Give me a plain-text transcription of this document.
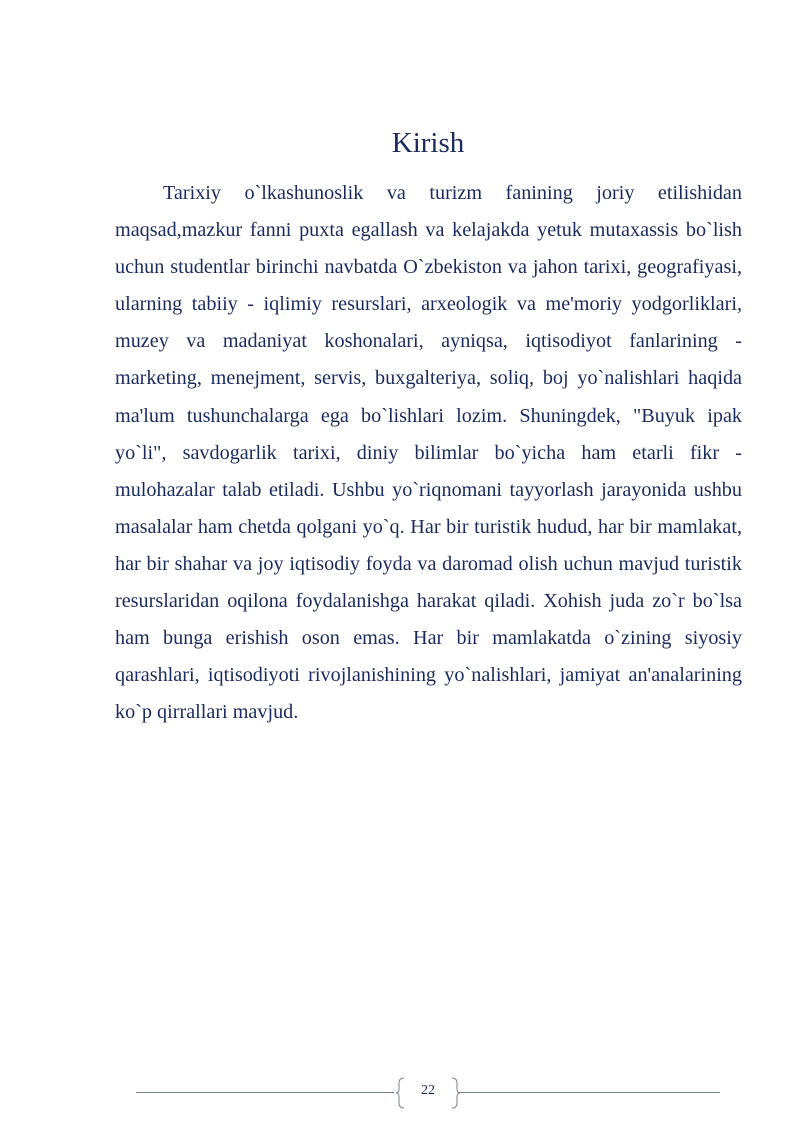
Kirish

Tarixiy o`lkashunoslik va turizm fanining joriy etilishidan maqsad,mazkur fanni puxta egallash va kelajakda yetuk mutaxassis bo`lish uchun studentlar birinchi navbatda O`zbekiston va jahon tarixi, geografiyasi, ularning tabiiy - iqlimiy resurslari, arxeologik va me'moriy yodgorliklari, muzey va madaniyat koshonalari, ayniqsa, iqtisodiyot fanlarining - marketing, menejment, servis, buxgalteriya, soliq, boj yo`nalishlari haqida ma'lum tushunchalarga ega bo`lishlari lozim. Shuningdek, "Buyuk ipak yo`li", savdogarlik tarixi, diniy bilimlar bo`yicha ham etarli fikr - mulohazalar talab etiladi. Ushbu yo`riqnomani tayyorlash jarayonida ushbu masalalar ham chetda qolgani yo`q. Har bir turistik hudud, har bir mamlakat, har bir shahar va joy iqtisodiy foyda va daromad olish uchun mavjud turistik resurslaridan oqilona foydalanishga harakat qiladi. Xohish juda zo`r bo`lsa ham bunga erishish oson emas. Har bir mamlakatda o`zining siyosiy qarashlari, iqtisodiyoti rivojlanishining yo`nalishlari, jamiyat an'analarining ko`p qirrallari mavjud.

22
